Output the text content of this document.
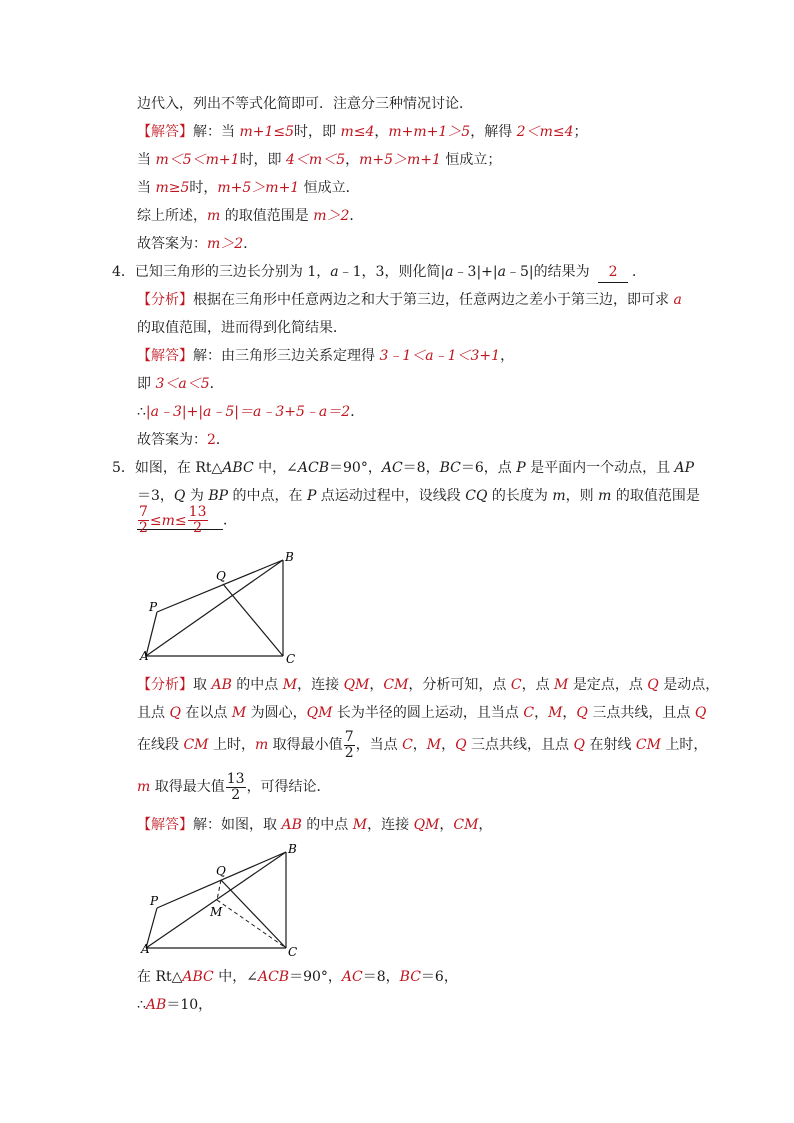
边代入，列出不等式化简即可．注意分三种情况讨论．
【解答】解：当 m+1≤5时，即 m≤4，m+m+1＞5，解得 2＜m≤4；
当 m＜5＜m+1时，即 4＜m＜5，m+5＞m+1 恒成立；
当 m≥5时，m+5＞m+1 恒成立．
综上所述，m 的取值范围是 m＞2．
故答案为：m＞2．
4．已知三角形的三边长分别为 1，a﹣1，3，则化简|a﹣3|+|a﹣5|的结果为 2 ．
【分析】根据在三角形中任意两边之和大于第三边，任意两边之差小于第三边，即可求 a
的取值范围，进而得到化简结果．
【解答】解：由三角形三边关系定理得 3﹣1＜a﹣1＜3+1，
即 3＜a＜5．
∴|a﹣3|+|a﹣5|＝a﹣3+5﹣a＝2．
故答案为：2．
5．如图，在 Rt△ABC 中，∠ACB＝90°，AC＝8，BC＝6，点 P 是平面内一个动点，且 AP
＝3，Q 为 BP 的中点，在 P 点运动过程中，设线段 CQ 的长度为 m，则 m 的取值范围是
$\frac{7}{2} \le m\le \frac{13}{2}$ ．
Q
B
P
A	C
【分析】取 AB 的中点 M，连接 QM，CM，分析可知，点 C，点 M 是定点，点 Q 是动点，
且点 Q 在以点 M 为圆心，QM 长为半径的圆上运动，且当点 C，M，Q 三点共线，且点 Q
在线段 CM 上时，m 取得最小值 $\frac{7}{2}$ ，当点 C，M，Q 三点共线，且点 Q 在射线 CM 上时，
m 取得最大值 $\frac{13}{2}$ ，可得结论．
【解答】解：如图，取 AB 的中点 M，连接 QM，CM，
Q
B
P
M
A	C
在 Rt△ABC 中，∠ACB＝90°，AC＝8，BC＝6，
∴AB＝10，
